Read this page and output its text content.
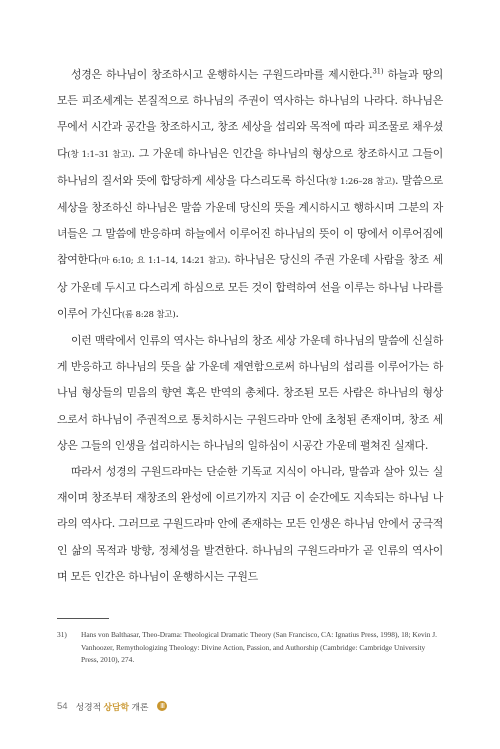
성경은 하나님이 창조하시고 운행하시는 구원드라마를 제시한다.$^{31)}$ 하늘과 땅의 모든 피조세계는 본질적으로 하나님의 주권이 역사하는 하나님의 나라다. 하나님은 무에서 시간과 공간을 창조하시고, 창조 세상을 섭리와 목적에 따라 피조물로 채우셨다(창 1:1–31 참고). 그 가운데 하나님은 인간을 하나님의 형상으로 창조하시고 그들이 하나님의 질서와 뜻에 합당하게 세상을 다스리도록 하신다(창 1:26–28 참고). 말씀으로 세상을 창조하신 하나님은 말씀 가운데 당신의 뜻을 계시하시고 행하시며 그분의 자녀들은 그 말씀에 반응하며 하늘에서 이루어진 하나님의 뜻이 이 땅에서 이루어짐에 참여한다(마 6:10; 요 1:1–14, 14:21 참고). 하나님은 당신의 주권 가운데 사람을 창조 세상 가운데 두시고 다스리게 하심으로 모든 것이 합력하여 선을 이루는 하나님 나라를 이루어 가신다(롬 8:28 참고).

이런 맥락에서 인류의 역사는 하나님의 창조 세상 가운데 하나님의 말씀에 신실하게 반응하고 하나님의 뜻을 삶 가운데 재연함으로써 하나님의 섭리를 이루어가는 하나님 형상들의 믿음의 향연 혹은 반역의 총체다. 창조된 모든 사람은 하나님의 형상으로서 하나님이 주권적으로 통치하시는 구원드라마 안에 초청된 존재이며, 창조 세상은 그들의 인생을 섭리하시는 하나님의 일하심이 시공간 가운데 펼쳐진 실재다.

따라서 성경의 구원드라마는 단순한 기독교 지식이 아니라, 말씀과 살아 있는 실재이며 창조부터 재창조의 완성에 이르기까지 지금 이 순간에도 지속되는 하나님 나라의 역사다. 그러므로 구원드라마 안에 존재하는 모든 인생은 하나님 안에서 궁극적인 삶의 목적과 방향, 정체성을 발견한다. 하나님의 구원드라마가 곧 인류의 역사이며 모든 인간은 하나님이 운행하시는 구원드

31) Hans von Balthasar, Theo-Drama: Theological Dramatic Theory (San Francisco, CA: Ignatius Press, 1998), 18; Kevin J. Vanhoozer, Remythologizing Theology: Divine Action, Passion, and Authorship (Cambridge: Cambridge University Press, 2010), 274.
54 성경적 상담학 개론	Ⅲ
